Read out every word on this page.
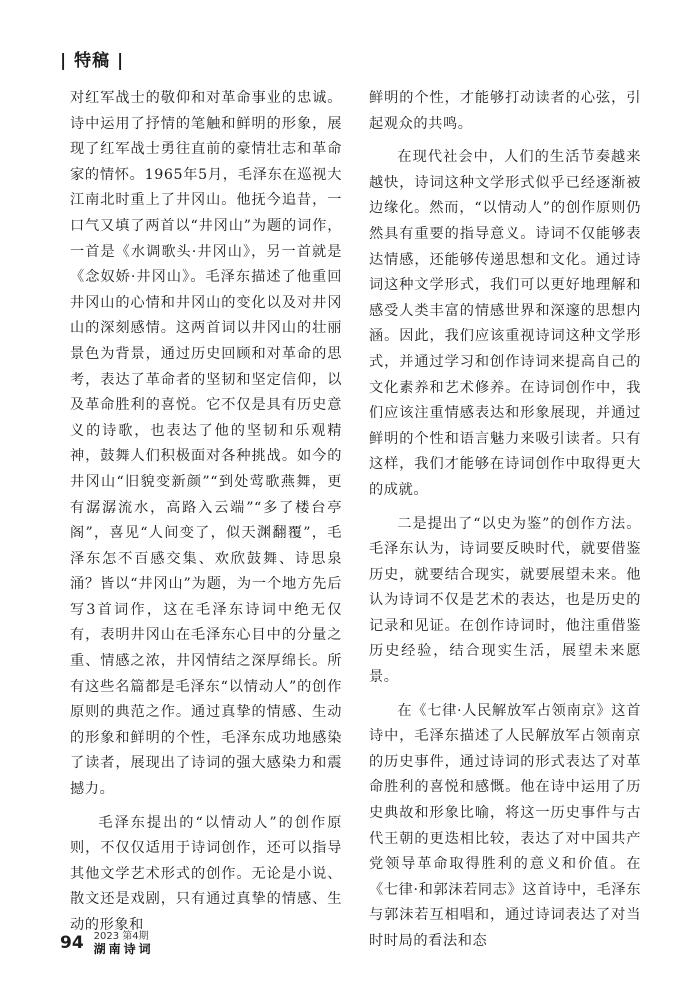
| 特稿 |

对红军战士的敬仰和对革命事业的忠诚。诗中运用了抒情的笔触和鲜明的形象，展现了红军战士勇往直前的豪情壮志和革命家的情怀。1965年5月，毛泽东在巡视大江南北时重上了井冈山。他抚今追昔，一口气又填了两首以“井冈山”为题的词作，一首是《水调歌头·井冈山》，另一首就是《念奴娇·井冈山》。毛泽东描述了他重回井冈山的心情和井冈山的变化以及对井冈山的深刻感情。这两首词以井冈山的壮丽景色为背景，通过历史回顾和对革命的思考，表达了革命者的坚韧和坚定信仰，以及革命胜利的喜悦。它不仅是具有历史意义的诗歌，也表达了他的坚韧和乐观精神，鼓舞人们积极面对各种挑战。如今的井冈山“旧貌变新颜”“到处莺歌燕舞，更有潺潺流水，高路入云端”“多了楼台亭阁”，喜见“人间变了，似天渊翻覆”，毛泽东怎不百感交集、欢欣鼓舞、诗思泉涌？皆以“井冈山”为题，为一个地方先后写3首词作，这在毛泽东诗词中绝无仅有，表明井冈山在毛泽东心目中的分量之重、情感之浓，井冈情结之深厚绵长。所有这些名篇都是毛泽东“以情动人”的创作原则的典范之作。通过真挚的情感、生动的形象和鲜明的个性，毛泽东成功地感染了读者，展现出了诗词的强大感染力和震撼力。

毛泽东提出的“以情动人”的创作原则，不仅仅适用于诗词创作，还可以指导其他文学艺术形式的创作。无论是小说、散文还是戏剧，只有通过真挚的情感、生动的形象和

鲜明的个性，才能够打动读者的心弦，引起观众的共鸣。

在现代社会中，人们的生活节奏越来越快，诗词这种文学形式似乎已经逐渐被边缘化。然而，“以情动人”的创作原则仍然具有重要的指导意义。诗词不仅能够表达情感，还能够传递思想和文化。通过诗词这种文学形式，我们可以更好地理解和感受人类丰富的情感世界和深邃的思想内涵。因此，我们应该重视诗词这种文学形式，并通过学习和创作诗词来提高自己的文化素养和艺术修养。在诗词创作中，我们应该注重情感表达和形象展现，并通过鲜明的个性和语言魅力来吸引读者。只有这样，我们才能够在诗词创作中取得更大的成就。

二是提出了“以史为鉴”的创作方法。毛泽东认为，诗词要反映时代，就要借鉴历史，就要结合现实，就要展望未来。他认为诗词不仅是艺术的表达，也是历史的记录和见证。在创作诗词时，他注重借鉴历史经验，结合现实生活，展望未来愿景。

在《七律·人民解放军占领南京》这首诗中，毛泽东描述了人民解放军占领南京的历史事件，通过诗词的形式表达了对革命胜利的喜悦和感慨。他在诗中运用了历史典故和形象比喻，将这一历史事件与古代王朝的更迭相比较，表达了对中国共产党领导革命取得胜利的意义和价值。在《七律·和郭沫若同志》这首诗中，毛泽东与郭沫若互相唱和，通过诗词表达了对当时时局的看法和态

94 2023 第4期
湖南诗词
